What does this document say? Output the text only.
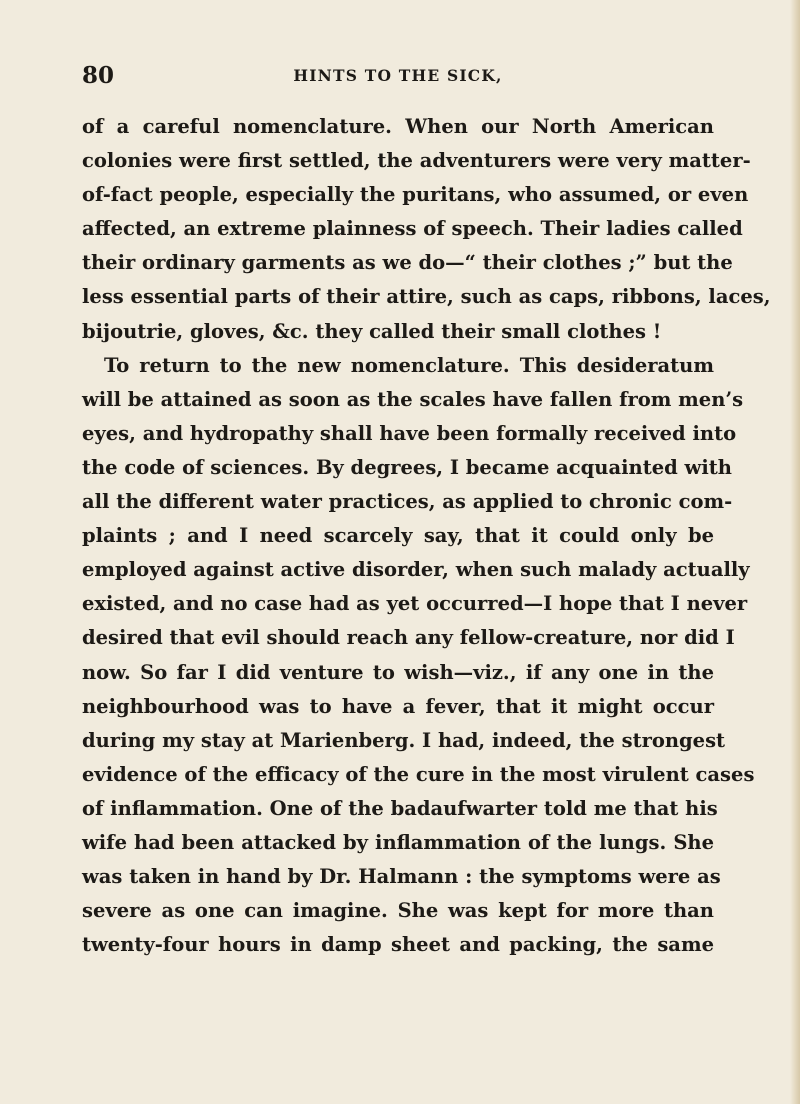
80	HINTS TO THE SICK,
of a careful nomenclature. When our North American
colonies were first settled, the adventurers were very matter-
of-fact people, especially the puritans, who assumed, or even
affected, an extreme plainness of speech. Their ladies called
their ordinary garments as we do—“ their clothes ;” but the
less essential parts of their attire, such as caps, ribbons, laces,
bijoutrie, gloves, &c. they called their small clothes !
To return to the new nomenclature. This desideratum
will be attained as soon as the scales have fallen from men’s
eyes, and hydropathy shall have been formally received into
the code of sciences. By degrees, I became acquainted with
all the different water practices, as applied to chronic com-
plaints ; and I need scarcely say, that it could only be
employed against active disorder, when such malady actually
existed, and no case had as yet occurred—I hope that I never
desired that evil should reach any fellow-creature, nor did I
now. So far I did venture to wish—viz., if any one in the
neighbourhood was to have a fever, that it might occur
during my stay at Marienberg. I had, indeed, the strongest
evidence of the efficacy of the cure in the most virulent cases
of inflammation. One of the badaufwarter told me that his
wife had been attacked by inflammation of the lungs. She
was taken in hand by Dr. Halmann : the symptoms were as
severe as one can imagine. She was kept for more than
twenty-four hours in damp sheet and packing, the same
